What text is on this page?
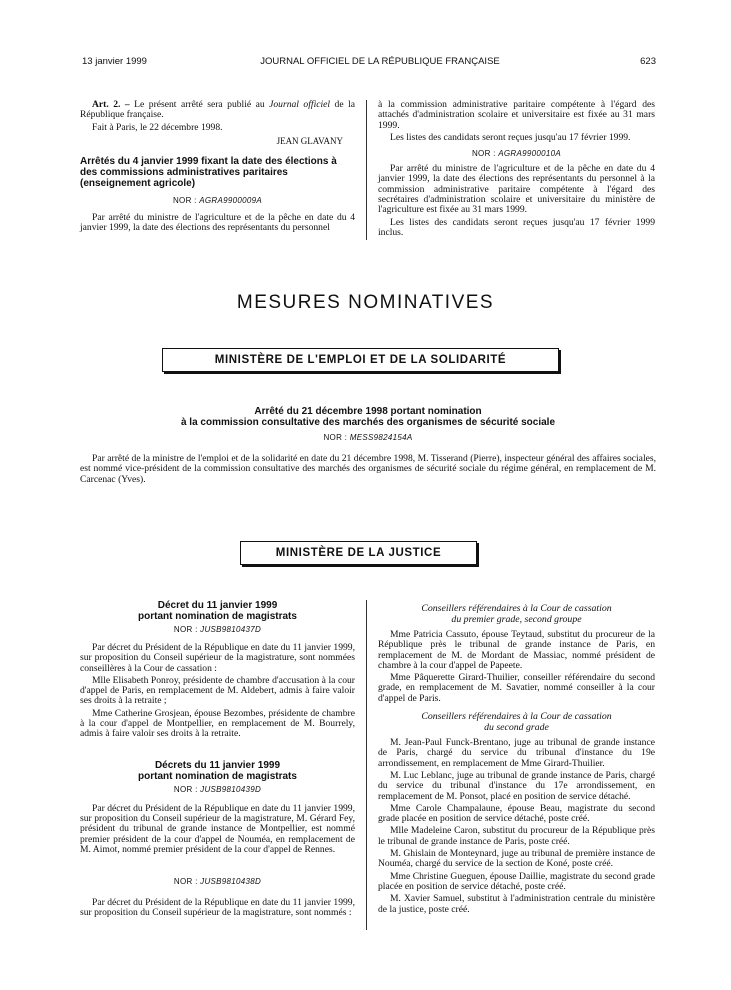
13 janvier 1999	JOURNAL OFFICIEL DE LA RÉPUBLIQUE FRANÇAISE	623

Art. 2. – Le présent arrêté sera publié au Journal officiel de la République française.

Fait à Paris, le 22 décembre 1998.

JEAN GLAVANY
Arrêtés du 4 janvier 1999 fixant la date des élections à des commissions administratives paritaires (enseignement agricole)
NOR : AGRA9900009A

Par arrêté du ministre de l'agriculture et de la pêche en date du 4 janvier 1999, la date des élections des représentants du personnel

à la commission administrative paritaire compétente à l'égard des attachés d'administration scolaire et universitaire est fixée au 31 mars 1999.

Les listes des candidats seront reçues jusqu'au 17 février 1999.

NOR : AGRA9900010A

Par arrêté du ministre de l'agriculture et de la pêche en date du 4 janvier 1999, la date des élections des représentants du personnel à la commission administrative paritaire compétente à l'égard des secrétaires d'administration scolaire et universitaire du ministère de l'agriculture est fixée au 31 mars 1999.

Les listes des candidats seront reçues jusqu'au 17 février 1999 inclus.

MESURES NOMINATIVES
MINISTÈRE DE L'EMPLOI ET DE LA SOLIDARITÉ
Arrêté du 21 décembre 1998 portant nomination
à la commission consultative des marchés des organismes de sécurité sociale
NOR : MESS9824154A

Par arrêté de la ministre de l'emploi et de la solidarité en date du 21 décembre 1998, M. Tisserand (Pierre), inspecteur général des affaires sociales, est nommé vice-président de la commission consultative des marchés des organismes de sécurité sociale du régime général, en remplacement de M. Carcenac (Yves).

MINISTÈRE DE LA JUSTICE
Décret du 11 janvier 1999
portant nomination de magistrats
NOR : JUSB9810437D

Par décret du Président de la République en date du 11 janvier 1999, sur proposition du Conseil supérieur de la magistrature, sont nommées conseillères à la Cour de cassation :

Mlle Elisabeth Ponroy, présidente de chambre d'accusation à la cour d'appel de Paris, en remplacement de M. Aldebert, admis à faire valoir ses droits à la retraite ;

Mme Catherine Grosjean, épouse Bezombes, présidente de chambre à la cour d'appel de Montpellier, en remplacement de M. Bourrely, admis à faire valoir ses droits à la retraite.

Décrets du 11 janvier 1999
portant nomination de magistrats
NOR : JUSB9810439D

Par décret du Président de la République en date du 11 janvier 1999, sur proposition du Conseil supérieur de la magistrature, M. Gérard Fey, président du tribunal de grande instance de Montpellier, est nommé premier président de la cour d'appel de Nouméa, en remplacement de M. Aimot, nommé premier président de la cour d'appel de Rennes.

NOR : JUSB9810438D

Par décret du Président de la République en date du 11 janvier 1999, sur proposition du Conseil supérieur de la magistrature, sont nommés :

Conseillers référendaires à la Cour de cassation
du premier grade, second groupe

Mme Patricia Cassuto, épouse Teytaud, substitut du procureur de la République près le tribunal de grande instance de Paris, en remplacement de M. de Mordant de Massiac, nommé président de chambre à la cour d'appel de Papeete.

Mme Pâquerette Girard-Thuilier, conseiller référendaire du second grade, en remplacement de M. Savatier, nommé conseiller à la cour d'appel de Paris.

Conseillers référendaires à la Cour de cassation
du second grade

M. Jean-Paul Funck-Brentano, juge au tribunal de grande instance de Paris, chargé du service du tribunal d'instance du 19e arrondissement, en remplacement de Mme Girard-Thuilier.

M. Luc Leblanc, juge au tribunal de grande instance de Paris, chargé du service du tribunal d'instance du 17e arrondissement, en remplacement de M. Ponsot, placé en position de service détaché.

Mme Carole Champalaune, épouse Beau, magistrate du second grade placée en position de service détaché, poste créé.

Mlle Madeleine Caron, substitut du procureur de la République près le tribunal de grande instance de Paris, poste créé.

M. Ghislain de Monteynard, juge au tribunal de première instance de Nouméa, chargé du service de la section de Koné, poste créé.

Mme Christine Gueguen, épouse Daillie, magistrate du second grade placée en position de service détaché, poste créé.

M. Xavier Samuel, substitut à l'administration centrale du ministère de la justice, poste créé.
